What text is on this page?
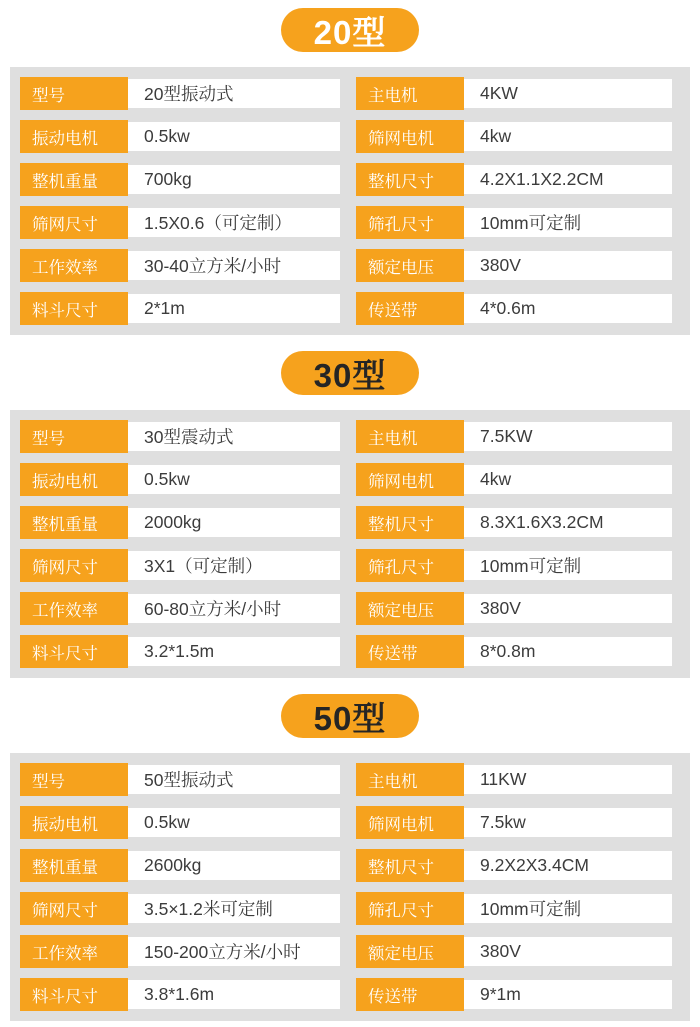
20型
型号	20型振动式	主电机	4KW
振动电机	0.5kw	筛网电机	4kw
整机重量	700kg	整机尺寸	4.2X1.1X2.2CM
筛网尺寸	1.5X0.6（可定制）	筛孔尺寸	10mm可定制
工作效率	30-40立方米/小时	额定电压	380V
料斗尺寸	2*1m	传送带	4*0.6m
30型
型号	30型震动式	主电机	7.5KW
振动电机	0.5kw	筛网电机	4kw
整机重量	2000kg	整机尺寸	8.3X1.6X3.2CM
筛网尺寸	3X1（可定制）	筛孔尺寸	10mm可定制
工作效率	60-80立方米/小时	额定电压	380V
料斗尺寸	3.2*1.5m	传送带	8*0.8m
50型
型号	50型振动式	主电机	11KW
振动电机	0.5kw	筛网电机	7.5kw
整机重量	2600kg	整机尺寸	9.2X2X3.4CM
筛网尺寸	3.5×1.2米可定制	筛孔尺寸	10mm可定制
工作效率	150-200立方米/小时	额定电压	380V
料斗尺寸	3.8*1.6m	传送带	9*1m
